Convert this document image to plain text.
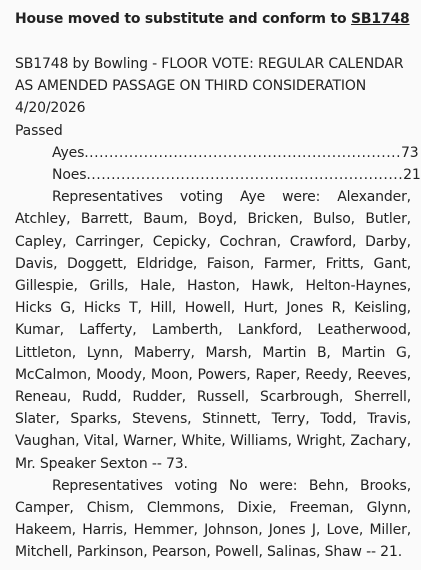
House moved to substitute and conform to SB1748
SB1748 by Bowling - FLOOR VOTE: REGULAR CALENDAR
AS AMENDED PASSAGE ON THIRD CONSIDERATION
4/20/2026
Passed
Ayes ................................................................ 73
Noes ................................................................ 21
Representatives voting Aye were: Alexander, Atchley, Barrett, Baum, Boyd, Bricken, Bulso, Butler, Capley, Carringer, Cepicky, Cochran, Crawford, Darby, Davis, Doggett, Eldridge, Faison, Farmer, Fritts, Gant, Gillespie, Grills, Hale, Haston, Hawk, Helton-Haynes, Hicks G, Hicks T, Hill, Howell, Hurt, Jones R, Keisling, Kumar, Lafferty, Lamberth, Lankford, Leatherwood, Littleton, Lynn, Maberry, Marsh, Martin B, Martin G, McCalmon, Moody, Moon, Powers, Raper, Reedy, Reeves, Reneau, Rudd, Rudder, Russell, Scarbrough, Sherrell, Slater, Sparks, Stevens, Stinnett, Terry, Todd, Travis, Vaughan, Vital, Warner, White, Williams, Wright, Zachary, Mr. Speaker Sexton -- 73.
Representatives voting No were: Behn, Brooks, Camper, Chism, Clemmons, Dixie, Freeman, Glynn, Hakeem, Harris, Hemmer, Johnson, Jones J, Love, Miller, Mitchell, Parkinson, Pearson, Powell, Salinas, Shaw -- 21.
